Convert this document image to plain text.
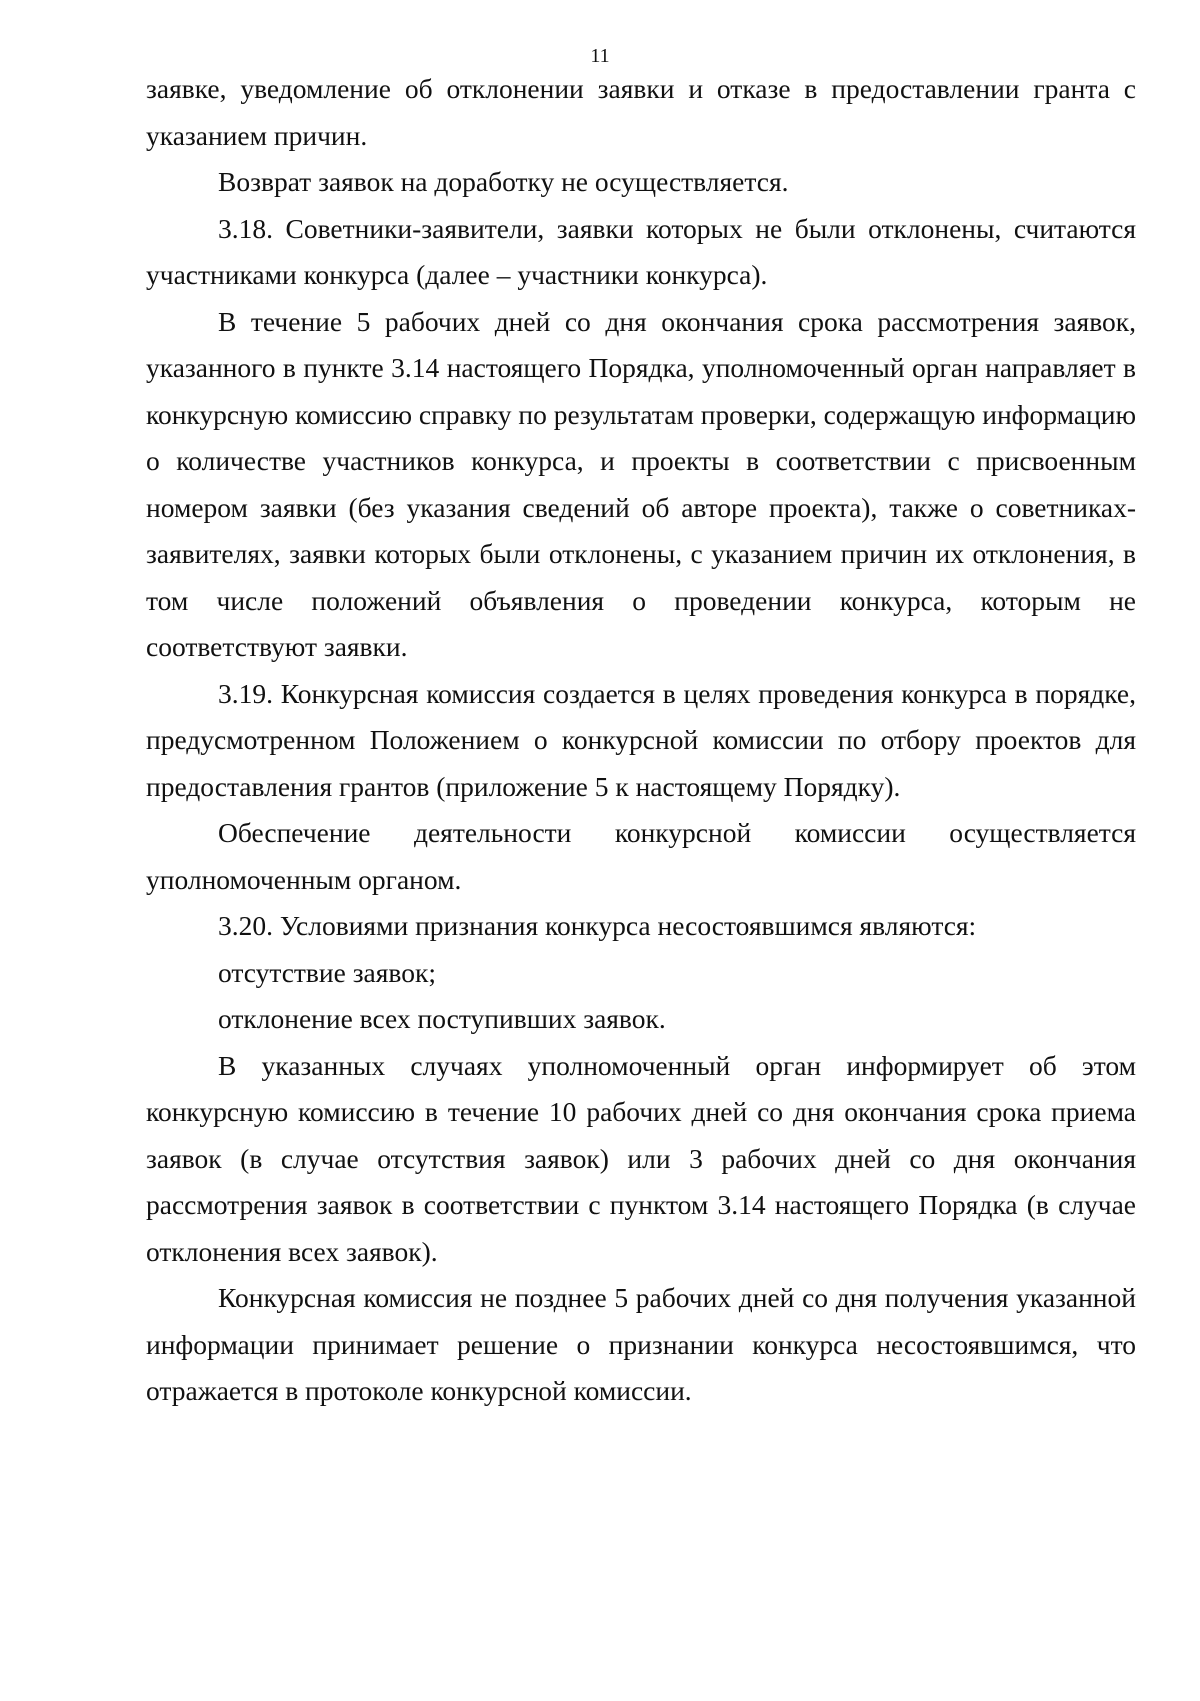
11

заявке, уведомление об отклонении заявки и отказе в предоставлении гранта с указанием причин.

Возврат заявок на доработку не осуществляется.

3.18. Советники-заявители, заявки которых не были отклонены, считаются участниками конкурса (далее – участники конкурса).

В течение 5 рабочих дней со дня окончания срока рассмотрения заявок, указанного в пункте 3.14 настоящего Порядка, уполномоченный орган направляет в конкурсную комиссию справку по результатам проверки, содержащую информацию о количестве участников конкурса, и проекты в соответствии с присвоенным номером заявки (без указания сведений об авторе проекта), также о советниках-заявителях, заявки которых были отклонены, с указанием причин их отклонения, в том числе положений объявления о проведении конкурса, которым не соответствуют заявки.

3.19. Конкурсная комиссия создается в целях проведения конкурса в порядке, предусмотренном Положением о конкурсной комиссии по отбору проектов для предоставления грантов (приложение 5 к настоящему Порядку).

Обеспечение деятельности конкурсной комиссии осуществляется уполномоченным органом.

3.20. Условиями признания конкурса несостоявшимся являются:

отсутствие заявок;

отклонение всех поступивших заявок.

В указанных случаях уполномоченный орган информирует об этом конкурсную комиссию в течение 10 рабочих дней со дня окончания срока приема заявок (в случае отсутствия заявок) или 3 рабочих дней со дня окончания рассмотрения заявок в соответствии с пунктом 3.14 настоящего Порядка (в случае отклонения всех заявок).

Конкурсная комиссия не позднее 5 рабочих дней со дня получения указанной информации принимает решение о признании конкурса несостоявшимся, что отражается в протоколе конкурсной комиссии.
